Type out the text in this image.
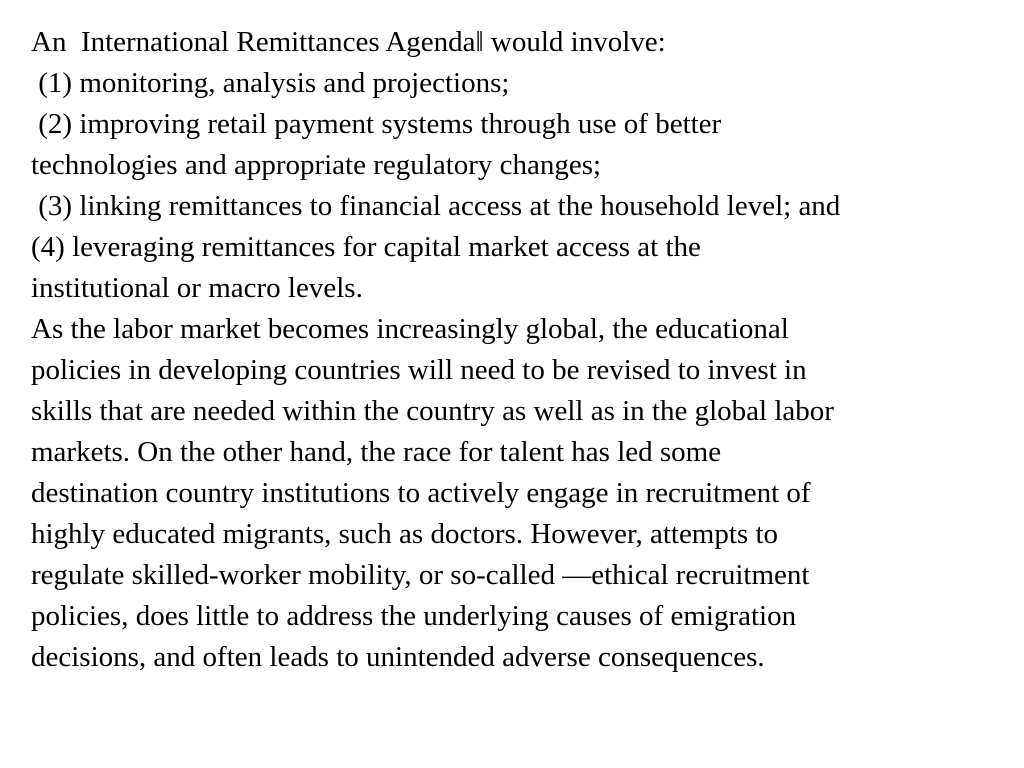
An  International Remittances Agenda‖ would involve:
(1) monitoring, analysis and projections;
(2) improving retail payment systems through use of better
technologies and appropriate regulatory changes;
(3) linking remittances to financial access at the household level; and
(4) leveraging remittances for capital market access at the
institutional or macro levels.
As the labor market becomes increasingly global, the educational
policies in developing countries will need to be revised to invest in
skills that are needed within the country as well as in the global labor
markets. On the other hand, the race for talent has led some
destination country institutions to actively engage in recruitment of
highly educated migrants, such as doctors. However, attempts to
regulate skilled-worker mobility, or so-called ―ethical recruitment
policies, does little to address the underlying causes of emigration
decisions, and often leads to unintended adverse consequences.
